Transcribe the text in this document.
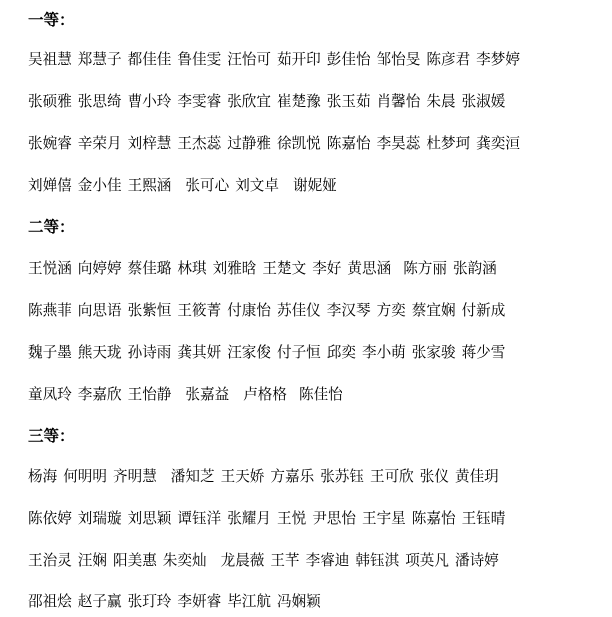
一等：
吴祖慧 郑慧子 都佳佳 鲁佳雯 汪怡可 茹开印 彭佳怡 邹怡旻 陈彦君 李梦婷
张硕雅 张思绮 曹小玲 李雯睿 张欣宜 崔楚豫 张玉茹 肖馨怡 朱晨 张淑媛
张婉睿 辛荣月 刘梓慧 王杰蕊 过静雅 徐凯悦 陈嘉怡 李昊蕊 杜梦珂 龚奕洹
刘婵僖 金小佳 王熙涵 张可心 刘文卓 谢妮娅
二等：
王悦涵 向婷婷 蔡佳璐 林琪 刘雅晗 王楚文 李好 黄思涵 陈方丽 张韵涵
陈燕菲 向思语 张紫恒 王筱菁 付康怡 苏佳仪 李汉琴 方奕 蔡宜娴 付新成
魏子墨 熊天珑 孙诗雨 龚其妍 汪家俊 付子恒 邱奕 李小萌 张家骏 蒋少雪
童凤玲 李嘉欣 王怡静 张嘉益 卢格格 陈佳怡
三等：
杨海 何明明 齐明慧 潘知芝 王天娇 方嘉乐 张苏钰 王可欣 张仪 黄佳玥
陈依婷 刘瑞璇 刘思颖 谭钰洋 张耀月 王悦 尹思怡 王宇星 陈嘉怡 王钰晴
王治灵 汪娴 阳美惠 朱奕灿 龙晨薇 王芊 李睿迪 韩钰淇 项英凡 潘诗婷
邵祖烩 赵子赢 张玎玲 李妍睿 毕江航 冯娴颖
